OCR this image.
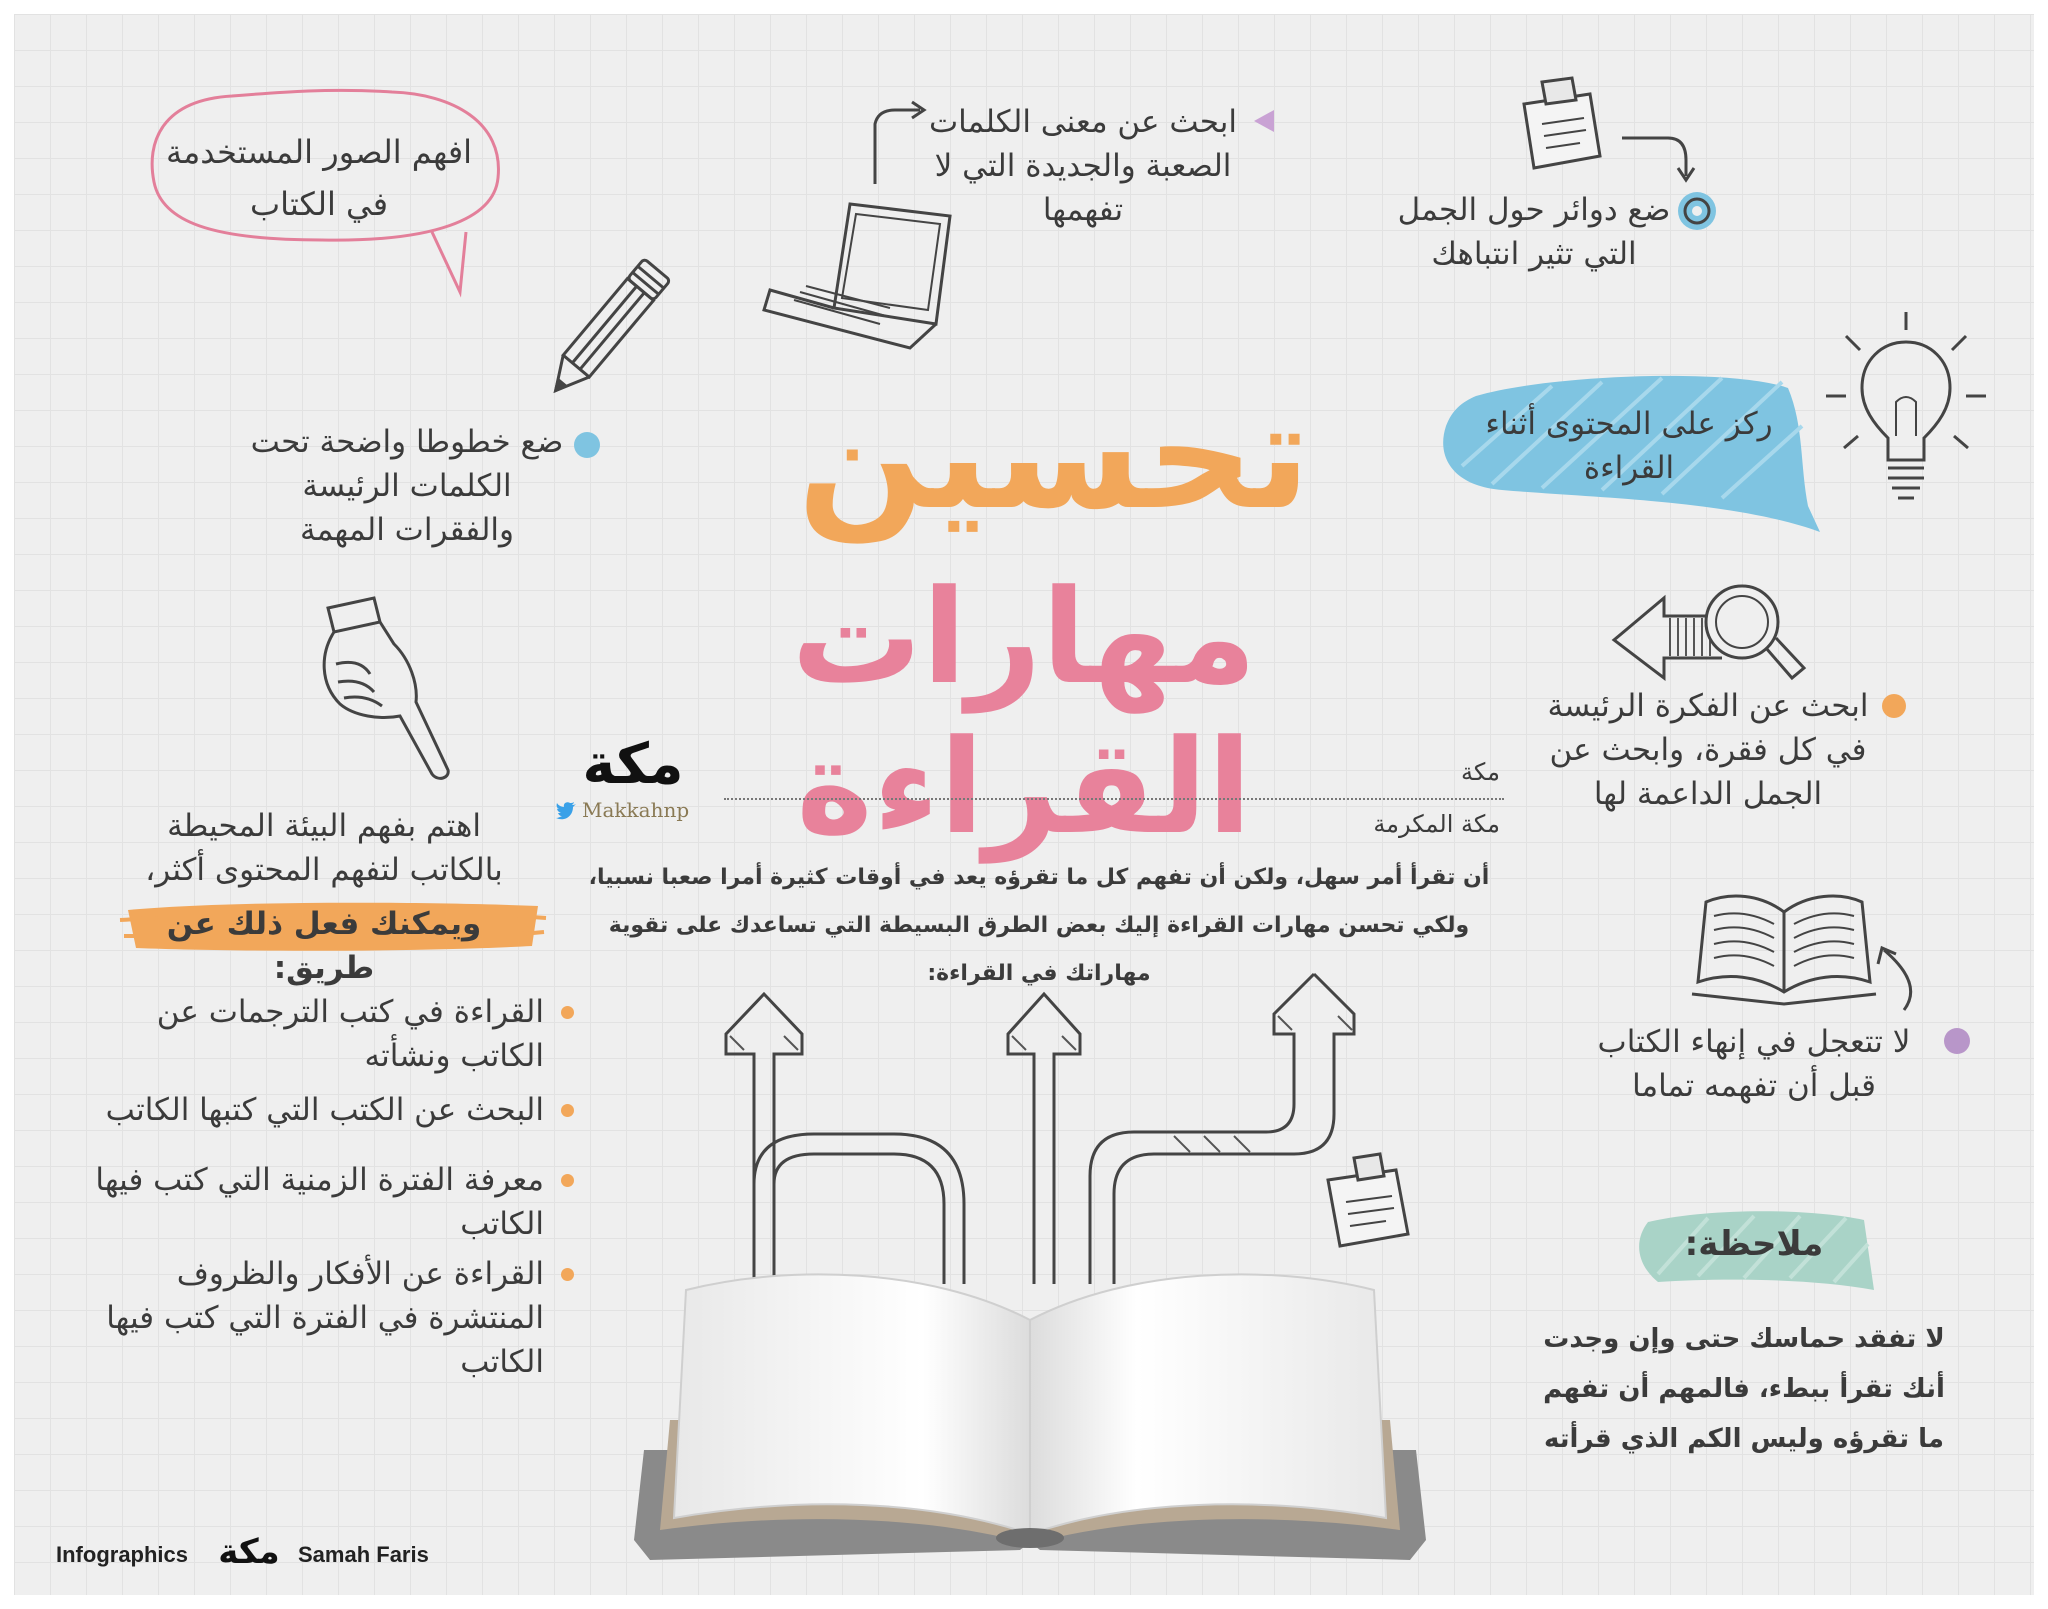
افهم الصور المستخدمة في الكتاب
ضع خطوطا واضحة تحت الكلمات الرئيسة والفقرات المهمة
ابحث عن معنى الكلمات الصعبة والجديدة التي لا تفهمها	ضع دوائر حول الجمل التي تثير انتباهك
ركز على المحتوى أثناء القراءة
تحسين
مهارات القراءة
ابحث عن الفكرة الرئيسة في كل فقرة، وابحث عن الجمل الداعمة لها
اهتم بفهم البيئة المحيطة بالكاتب لتفهم المحتوى أكثر،
ويمكنك فعل ذلك عن طريق:
القراءة في كتب الترجمات عن الكاتب ونشأته
البحث عن الكتب التي كتبها الكاتب
معرفة الفترة الزمنية التي كتب فيها الكاتب
القراءة عن الأفكار والظروف المنتشرة في الفترة التي كتب فيها الكاتب
مكة
Makkahnp
مكة
مكة المكرمة
أن تقرأ أمر سهل، ولكن أن تفهم كل ما تقرؤه يعد في أوقات كثيرة أمرا صعبا نسبيا، ولكي تحسن مهارات القراءة إليك بعض الطرق البسيطة التي تساعدك على تقوية مهاراتك في القراءة:
لا تتعجل في إنهاء الكتاب قبل أن تفهمه تماما
ملاحظة:
لا تفقد حماسك حتى وإن وجدت أنك تقرأ ببطء، فالمهم أن تفهم ما تقرؤه وليس الكم الذي قرأته
Infographics مكة Samah Faris
